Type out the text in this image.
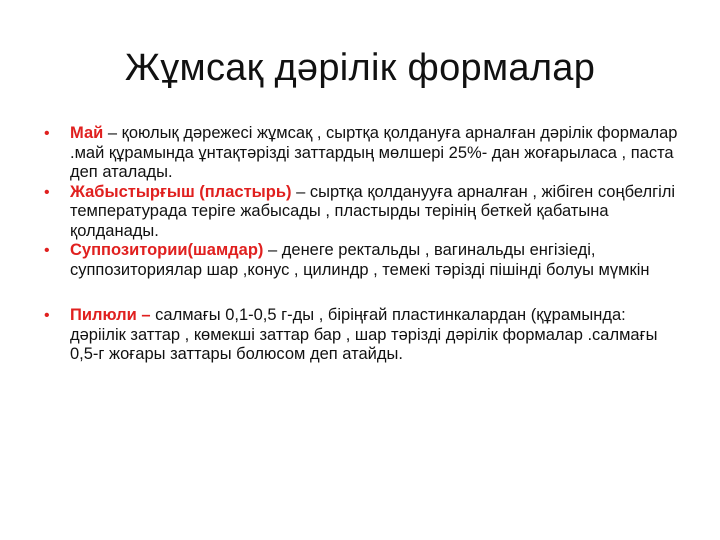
Жұмсақ дәрілік формалар
• Май – қоюлық дәрежесі жұмсақ , сыртқа қолдануға арналған дәрілік формалар .май құрамында ұнтақтәрізді заттардың мөлшері 25%- дан жоғарыласа , паста деп аталады.
• Жабыстырғыш (пластырь) – сыртқа қолданууға арналған , жібіген соңбелгілі температурада теріге жабысады , пластырды терінің беткей қабатына қолданады.
• Суппозитории(шамдар) – денеге ректальды , вагинальды енгізіеді, суппозиториялар шар ,конус , цилиндр , темекі тәрізді пішінді болуы мүмкін
• Пилюли – салмағы 0,1-0,5 г-ды , біріңғай пластинкалардан (құрамында: дәріілік заттар , көмекші заттар бар , шар тәрізді дәрілік формалар .салмағы 0,5-г жоғары заттары болюсом деп атайды.
